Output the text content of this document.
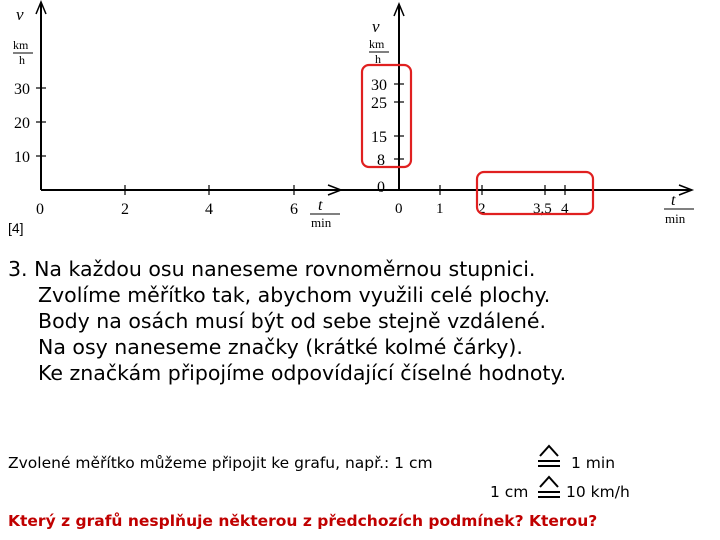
v
km
h
30
20
10
0	2	4	6 t
min
v
km
h
30
25
15
8
0
0 1 2	3,5 4	t
min
[4]
3. Na každou osu naneseme rovnoměrnou stupnici.
Zvolíme měřítko tak, abychom využili celé plochy.
Body na osách musí být od sebe stejně vzdálené.
Na osy naneseme značky (krátké kolmé čárky).
Ke značkám připojíme odpovídající číselné hodnoty.
Zvolené měřítko můžeme připojit ke grafu, např.: 1 cm	1 min
1 cm 10 km/h
Který z grafů nesplňuje některou z předchozích podmínek? Kterou?
